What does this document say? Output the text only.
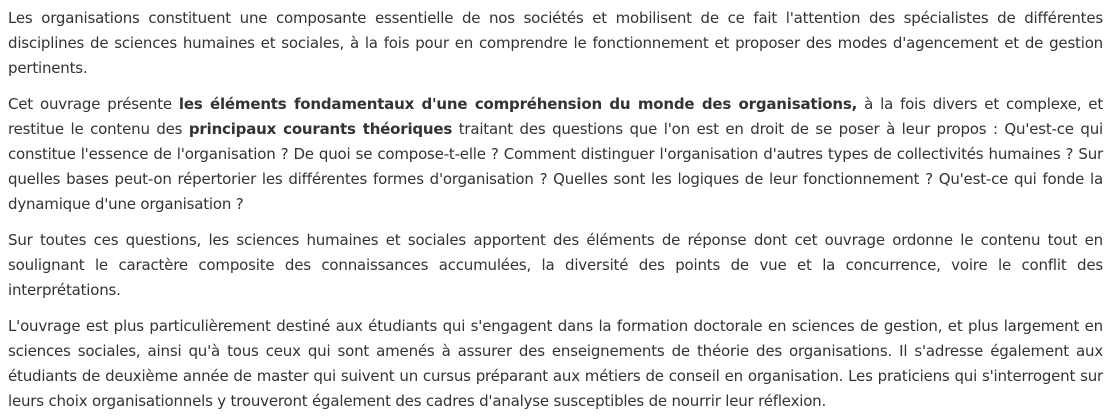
Les organisations constituent une composante essentielle de nos sociétés et mobilisent de ce fait l'attention des spécialistes de différentes disciplines de sciences humaines et sociales, à la fois pour en comprendre le fonctionnement et proposer des modes d'agencement et de gestion pertinents.

Cet ouvrage présente les éléments fondamentaux d'une compréhension du monde des organisations, à la fois divers et complexe, et restitue le contenu des principaux courants théoriques traitant des questions que l'on est en droit de se poser à leur propos : Qu'est-ce qui constitue l'essence de l'organisation ? De quoi se compose-t-elle ? Comment distinguer l'organisation d'autres types de collectivités humaines ? Sur quelles bases peut-on répertorier les différentes formes d'organisation ? Quelles sont les logiques de leur fonctionnement ? Qu'est-ce qui fonde la dynamique d'une organisation ?

Sur toutes ces questions, les sciences humaines et sociales apportent des éléments de réponse dont cet ouvrage ordonne le contenu tout en soulignant le caractère composite des connaissances accumulées, la diversité des points de vue et la concurrence, voire le conflit des interprétations.

L'ouvrage est plus particulièrement destiné aux étudiants qui s'engagent dans la formation doctorale en sciences de gestion, et plus largement en sciences sociales, ainsi qu'à tous ceux qui sont amenés à assurer des enseignements de théorie des organisations. Il s'adresse également aux étudiants de deuxième année de master qui suivent un cursus préparant aux métiers de conseil en organisation. Les praticiens qui s'interrogent sur leurs choix organisationnels y trouveront également des cadres d'analyse susceptibles de nourrir leur réflexion.
